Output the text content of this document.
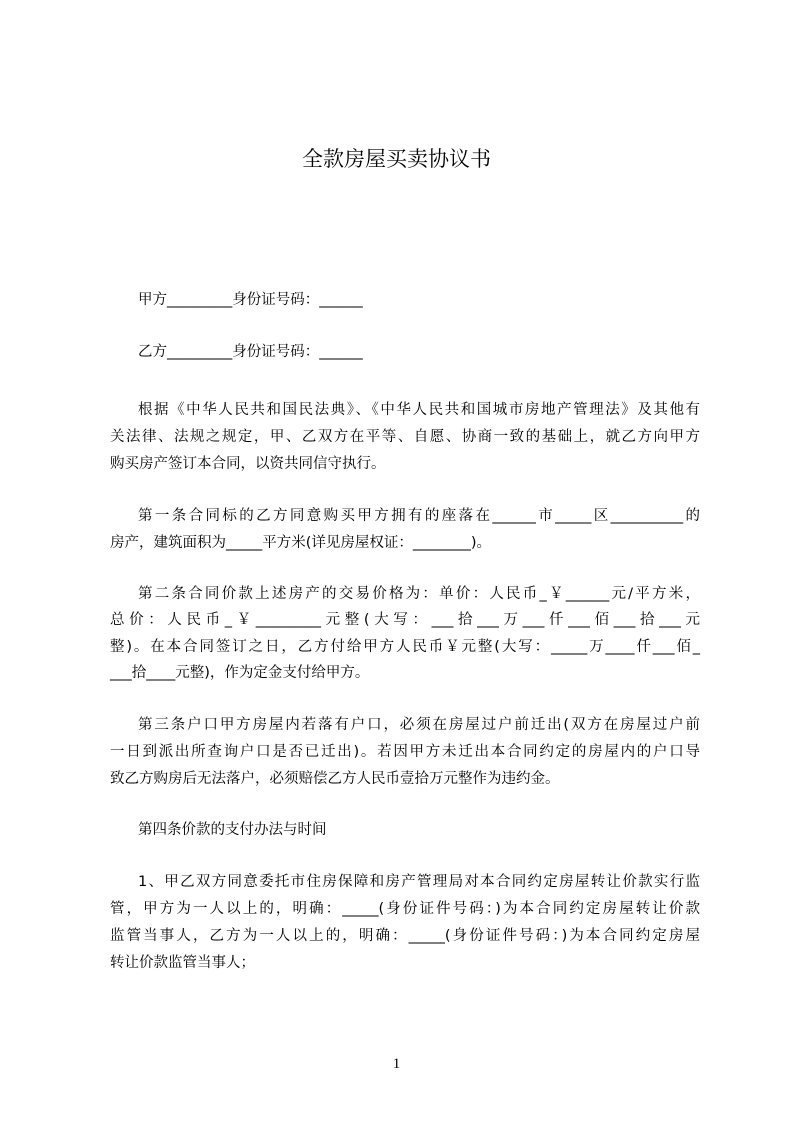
全款房屋买卖协议书
甲方_________身份证号码：______
乙方_________身份证号码：______
根据《中华人民共和国民法典》、《中华人民共和国城市房地产管理法》及其他有
关法律、法规之规定，甲、乙双方在平等、自愿、协商一致的基础上，就乙方向甲方
购买房产签订本合同，以资共同信守执行。
第一条合同标的乙方同意购买甲方拥有的座落在______市_____区__________的
房产，建筑面积为_____平方米(详见房屋权证：________)。
第二条合同价款上述房产的交易价格为：单价：人民币_￥______元/平方米，
总价：人民币_￥_________元整(大写：___拾___万___仟___佰___拾___元
整)。在本合同签订之日，乙方付给甲方人民币￥元整(大写：_____万____仟___佰_
___拾____元整)，作为定金支付给甲方。
第三条户口甲方房屋内若落有户口，必须在房屋过户前迁出(双方在房屋过户前
一日到派出所查询户口是否已迁出)。若因甲方未迁出本合同约定的房屋内的户口导
致乙方购房后无法落户，必须赔偿乙方人民币壹拾万元整作为违约金。
第四条价款的支付办法与时间
1、甲乙双方同意委托市住房保障和房产管理局对本合同约定房屋转让价款实行监
管，甲方为一人以上的，明确：_____(身份证件号码：)为本合同约定房屋转让价款
监管当事人，乙方为一人以上的，明确：_____(身份证件号码：)为本合同约定房屋
转让价款监管当事人；
1
